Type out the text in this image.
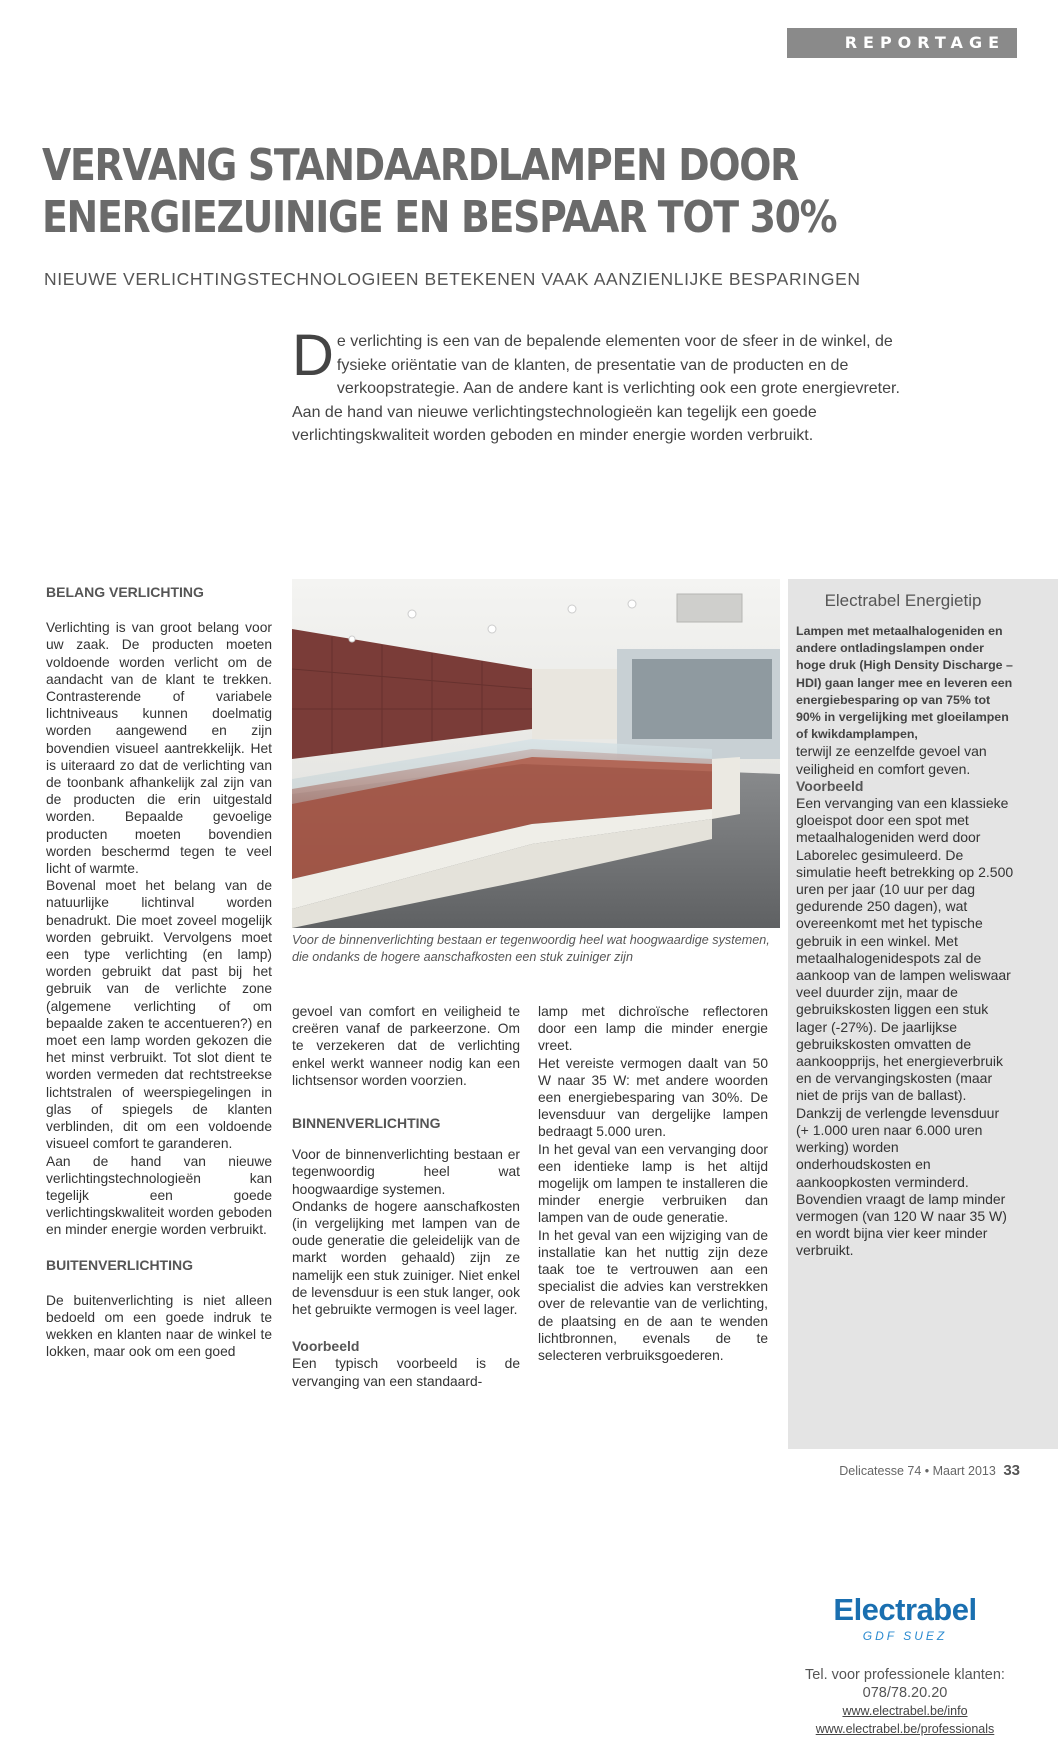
REPORTAGE
VERVANG STANDAARDLAMPEN DOOR
ENERGIEZUINIGE EN BESPAAR TOT 30%
NIEUWE VERLICHTINGSTECHNOLOGIEEN BETEKENEN VAAK AANZIENLIJKE BESPARINGEN
D e verlichting is een van de bepalende elementen voor de sfeer in de winkel, de fysieke oriëntatie van de klanten, de presentatie van de producten en de verkoopstrategie. Aan de andere kant is verlichting ook een grote energievreter. Aan de hand van nieuwe verlichtingstechnologieën kan tegelijk een goede verlichtingskwaliteit worden geboden en minder energie worden verbruikt.
BELANG VERLICHTING

Verlichting is van groot belang voor uw zaak. De producten moeten voldoende worden verlicht om de aandacht van de klant te trekken. Contrasterende of variabele lichtniveaus kunnen doelmatig worden aangewend en zijn bovendien visueel aantrekkelijk. Het is uiteraard zo dat de verlichting van de toonbank afhankelijk zal zijn van de producten die erin uitgestald worden. Bepaalde gevoelige producten moeten bovendien worden beschermd tegen te veel licht of warmte.

Bovenal moet het belang van de natuurlijke lichtinval worden benadrukt. Die moet zoveel mogelijk worden gebruikt. Vervolgens moet een type verlichting (en lamp) worden gebruikt dat past bij het gebruik van de verlichte zone (algemene verlichting of om bepaalde zaken te accentueren?) en moet een lamp worden gekozen die het minst verbruikt. Tot slot dient te worden vermeden dat rechtstreekse lichtstralen of weerspiegelingen in glas of spiegels de klanten verblinden, dit om een voldoende visueel comfort te garanderen.

Aan de hand van nieuwe verlichtingstechnologieën kan tegelijk een goede verlichtingskwaliteit worden geboden en minder energie worden verbruikt.

BUITENVERLICHTING

De buitenverlichting is niet alleen bedoeld om een goede indruk te wekken en klanten naar de winkel te lokken, maar ook om een goed

Voor de binnenverlichting bestaan er tegenwoordig heel wat hoogwaardige systemen, die ondanks de hogere aanschafkosten een stuk zuiniger zijn

gevoel van comfort en veiligheid te creëren vanaf de parkeerzone. Om te verzekeren dat de verlichting enkel werkt wanneer nodig kan een lichtsensor worden voorzien.

BINNENVERLICHTING

Voor de binnenverlichting bestaan er tegenwoordig heel wat hoogwaardige systemen.

Ondanks de hogere aanschafkosten (in vergelijking met lampen van de oude generatie die geleidelijk van de markt worden gehaald) zijn ze namelijk een stuk zuiniger. Niet enkel de levensduur is een stuk langer, ook het gebruikte vermogen is veel lager.

Voorbeeld

Een typisch voorbeeld is de vervanging van een standaard-

lamp met dichroïsche reflectoren door een lamp die minder energie vreet.

Het vereiste vermogen daalt van 50 W naar 35 W: met andere woorden een energiebesparing van 30%. De levensduur van dergelijke lampen bedraagt 5.000 uren.

In het geval van een vervanging door een identieke lamp is het altijd mogelijk om lampen te installeren die minder energie verbruiken dan lampen van de oude generatie.

In het geval van een wijziging van de installatie kan het nuttig zijn deze taak toe te vertrouwen aan een specialist die advies kan verstrekken over de relevantie van de verlichting, de plaatsing en de aan te wenden lichtbronnen, evenals de te selecteren verbruiksgoederen.

Electrabel Energietip

Lampen met metaalhalogeniden en andere ontladingslampen onder hoge druk (High Density Discharge – HDI) gaan langer mee en leveren een energiebesparing op van 75% tot 90% in vergelijking met gloeilampen of kwikdamplampen,

terwijl ze eenzelfde gevoel van veiligheid en comfort geven.

Voorbeeld

Een vervanging van een klassieke gloeispot door een spot met metaalhalogeniden werd door Laborelec gesimuleerd. De simulatie heeft betrekking op 2.500 uren per jaar (10 uur per dag gedurende 250 dagen), wat overeenkomt met het typische gebruik in een winkel. Met metaalhalogenidespots zal de aankoop van de lampen weliswaar veel duurder zijn, maar de gebruikskosten liggen een stuk lager (-27%). De jaarlijkse gebruikskosten omvatten de aankoopprijs, het energieverbruik en de vervangingskosten (maar niet de prijs van de ballast). Dankzij de verlengde levensduur (+ 1.000 uren naar 6.000 uren werking) worden onderhoudskosten en aankoopkosten verminderd. Bovendien vraagt de lamp minder vermogen (van 120 W naar 35 W) en wordt bijna vier keer minder verbruikt.

Electrabel
GDF SUEZ
Tel. voor professionele klanten:
078/78.20.20
www.electrabel.be/info
www.electrabel.be/professionals
Delicatesse 74 • Maart 2013 33
